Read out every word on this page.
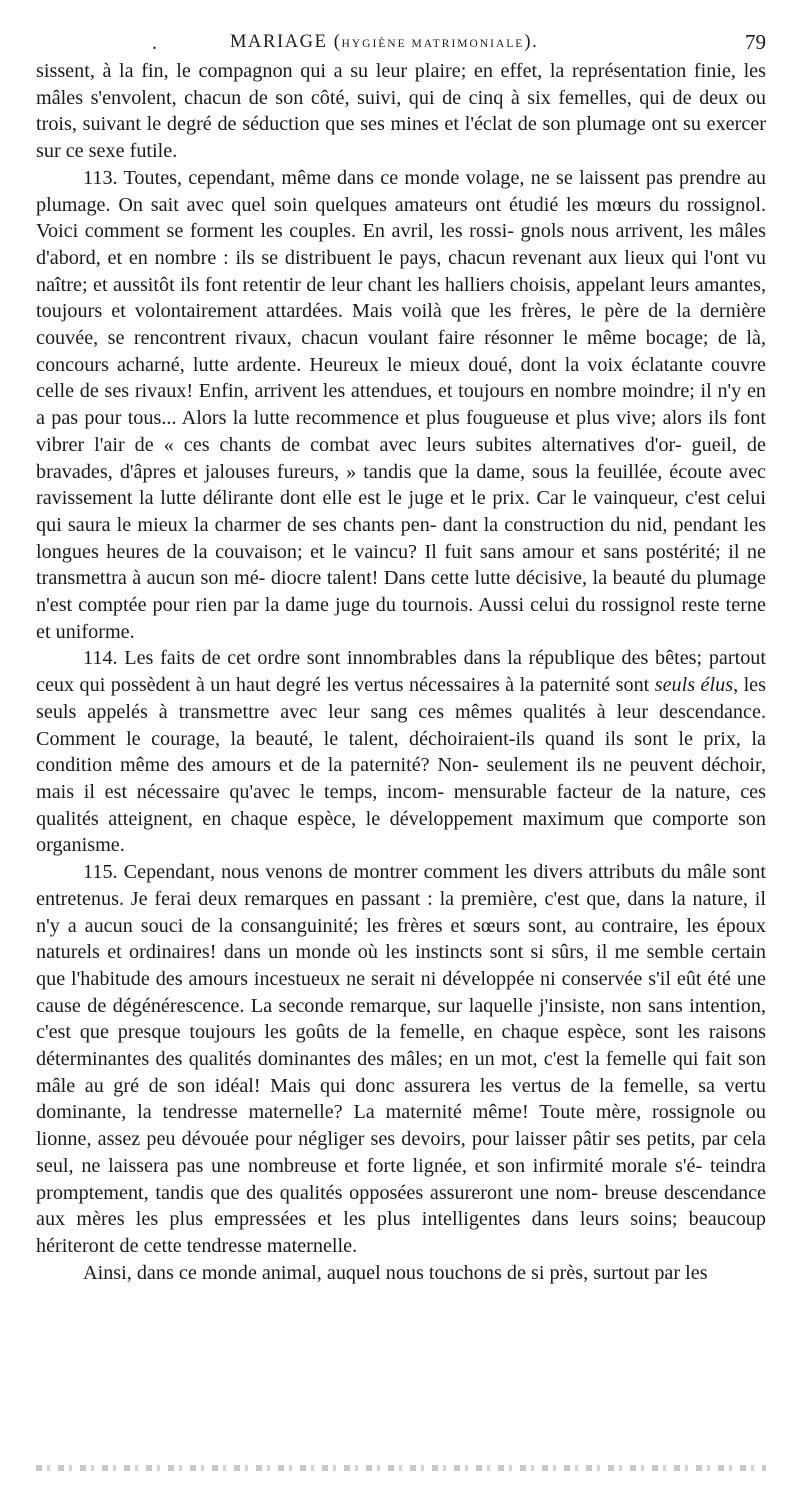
.	MARIAGE (HYGIÈNE MATRIMONIALE).	79

sissent, à la fin, le compagnon qui a su leur plaire; en effet, la représentation finie, les mâles s'envolent, chacun de son côté, suivi, qui de cinq à six femelles, qui de deux ou trois, suivant le degré de séduction que ses mines et l'éclat de son plumage ont su exercer sur ce sexe futile.

113. Toutes, cependant, même dans ce monde volage, ne se laissent pas prendre au plumage. On sait avec quel soin quelques amateurs ont étudié les mœurs du rossignol. Voici comment se forment les couples. En avril, les rossi- gnols nous arrivent, les mâles d'abord, et en nombre : ils se distribuent le pays, chacun revenant aux lieux qui l'ont vu naître; et aussitôt ils font retentir de leur chant les halliers choisis, appelant leurs amantes, toujours et volontairement attardées. Mais voilà que les frères, le père de la dernière couvée, se rencontrent rivaux, chacun voulant faire résonner le même bocage; de là, concours acharné, lutte ardente. Heureux le mieux doué, dont la voix éclatante couvre celle de ses rivaux! Enfin, arrivent les attendues, et toujours en nombre moindre; il n'y en a pas pour tous... Alors la lutte recommence et plus fougueuse et plus vive; alors ils font vibrer l'air de « ces chants de combat avec leurs subites alternatives d'or- gueil, de bravades, d'âpres et jalouses fureurs, » tandis que la dame, sous la feuillée, écoute avec ravissement la lutte délirante dont elle est le juge et le prix. Car le vainqueur, c'est celui qui saura le mieux la charmer de ses chants pen- dant la construction du nid, pendant les longues heures de la couvaison; et le vaincu? Il fuit sans amour et sans postérité; il ne transmettra à aucun son mé- diocre talent! Dans cette lutte décisive, la beauté du plumage n'est comptée pour rien par la dame juge du tournois. Aussi celui du rossignol reste terne et uniforme.

114. Les faits de cet ordre sont innombrables dans la république des bêtes; partout ceux qui possèdent à un haut degré les vertus nécessaires à la paternité sont seuls élus, les seuls appelés à transmettre avec leur sang ces mêmes qualités à leur descendance. Comment le courage, la beauté, le talent, déchoiraient-ils quand ils sont le prix, la condition même des amours et de la paternité? Non- seulement ils ne peuvent déchoir, mais il est nécessaire qu'avec le temps, incom- mensurable facteur de la nature, ces qualités atteignent, en chaque espèce, le développement maximum que comporte son organisme.

115. Cependant, nous venons de montrer comment les divers attributs du mâle sont entretenus. Je ferai deux remarques en passant : la première, c'est que, dans la nature, il n'y a aucun souci de la consanguinité; les frères et sœurs sont, au contraire, les époux naturels et ordinaires! dans un monde où les instincts sont si sûrs, il me semble certain que l'habitude des amours incestueux ne serait ni développée ni conservée s'il eût été une cause de dégénérescence. La seconde remarque, sur laquelle j'insiste, non sans intention, c'est que presque toujours les goûts de la femelle, en chaque espèce, sont les raisons déterminantes des qualités dominantes des mâles; en un mot, c'est la femelle qui fait son mâle au gré de son idéal! Mais qui donc assurera les vertus de la femelle, sa vertu dominante, la tendresse maternelle? La maternité même! Toute mère, rossignole ou lionne, assez peu dévouée pour négliger ses devoirs, pour laisser pâtir ses petits, par cela seul, ne laissera pas une nombreuse et forte lignée, et son infirmité morale s'é- teindra promptement, tandis que des qualités opposées assureront une nom- breuse descendance aux mères les plus empressées et les plus intelligentes dans leurs soins; beaucoup hériteront de cette tendresse maternelle.

Ainsi, dans ce monde animal, auquel nous touchons de si près, surtout par les
